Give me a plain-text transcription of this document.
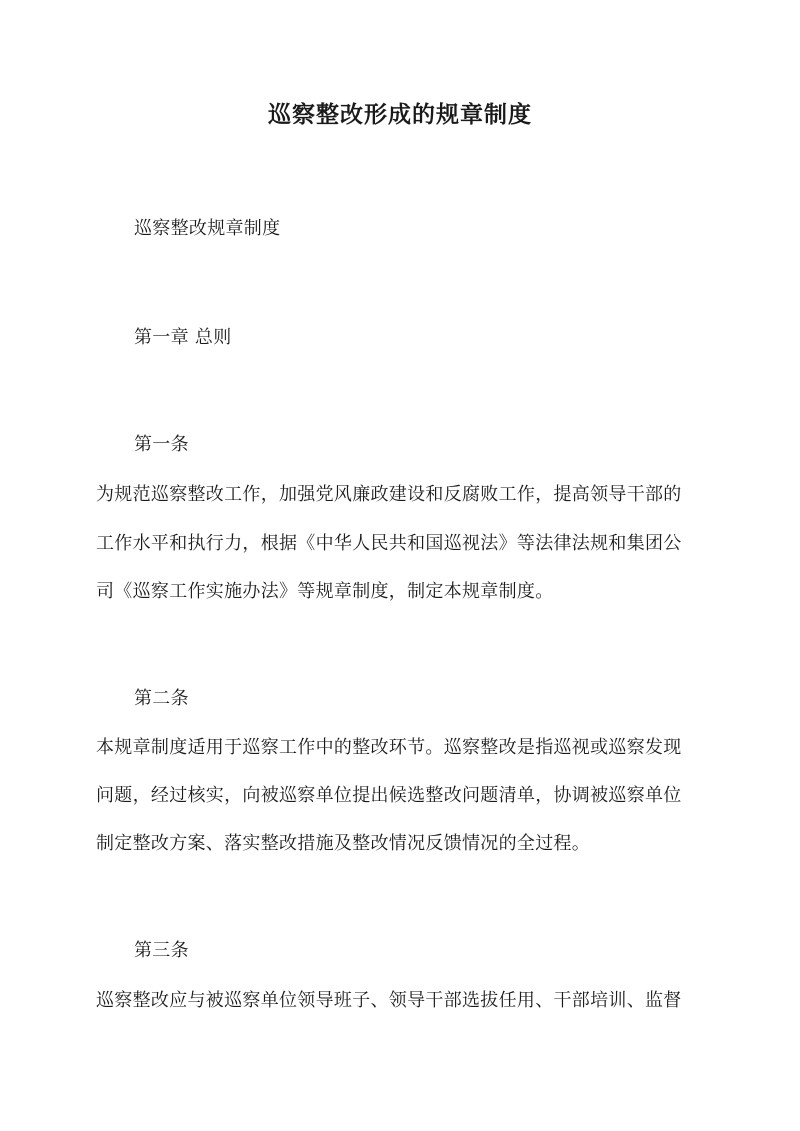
巡察整改形成的规章制度
巡察整改规章制度
第一章 总则
第一条
为规范巡察整改工作，加强党风廉政建设和反腐败工作，提高领导干部的
工作水平和执行力，根据《中华人民共和国巡视法》等法律法规和集团公
司《巡察工作实施办法》等规章制度，制定本规章制度。
第二条
本规章制度适用于巡察工作中的整改环节。巡察整改是指巡视或巡察发现
问题，经过核实，向被巡察单位提出候选整改问题清单，协调被巡察单位
制定整改方案、落实整改措施及整改情况反馈情况的全过程。
第三条
巡察整改应与被巡察单位领导班子、领导干部选拔任用、干部培训、监督
